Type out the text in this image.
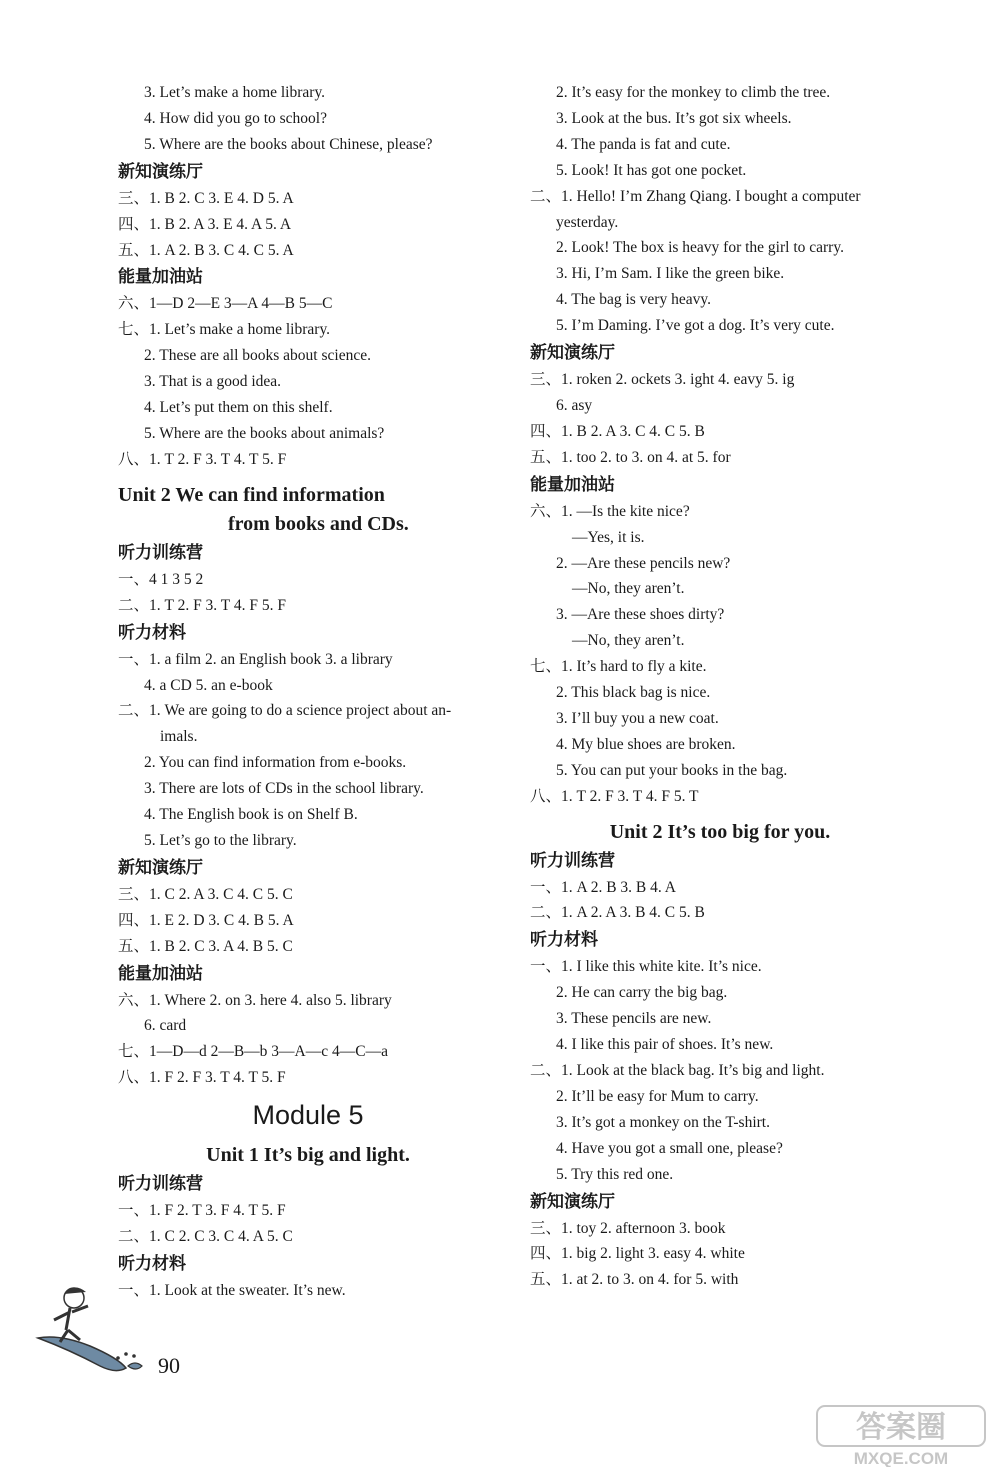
3. Let’s make a home library.
4. How did you go to school?
5. Where are the books about Chinese, please?
新知演练厅
三、1. B 2. C 3. E 4. D 5. A
四、1. B 2. A 3. E 4. A 5. A
五、1. A 2. B 3. C 4. C 5. A
能量加油站
六、1—D 2—E 3—A 4—B 5—C
七、1. Let’s make a home library.
2. These are all books about science.
3. That is a good idea.
4. Let’s put them on this shelf.
5. Where are the books about animals?
八、1. T 2. F 3. T 4. T 5. F
Unit 2 We can find information
from books and CDs.
听力训练营
一、4 1 3 5 2
二、1. T 2. F 3. T 4. F 5. F
听力材料
一、1. a film 2. an English book 3. a library
4. a CD 5. an e-book
二、1. We are going to do a science project about an-
imals.
2. You can find information from e-books.
3. There are lots of CDs in the school library.
4. The English book is on Shelf B.
5. Let’s go to the library.
新知演练厅
三、1. C 2. A 3. C 4. C 5. C
四、1. E 2. D 3. C 4. B 5. A
五、1. B 2. C 3. A 4. B 5. C
能量加油站
六、1. Where 2. on 3. here 4. also 5. library
6. card
七、1—D—d 2—B—b 3—A—c 4—C—a
八、1. F 2. F 3. T 4. T 5. F
Module 5
Unit 1 It’s big and light.
听力训练营
一、1. F 2. T 3. F 4. T 5. F
二、1. C 2. C 3. C 4. A 5. C
听力材料
一、1. Look at the sweater. It’s new.
2. It’s easy for the monkey to climb the tree.
3. Look at the bus. It’s got six wheels.
4. The panda is fat and cute.
5. Look! It has got one pocket.
二、1. Hello! I’m Zhang Qiang. I bought a computer
yesterday.
2. Look! The box is heavy for the girl to carry.
3. Hi, I’m Sam. I like the green bike.
4. The bag is very heavy.
5. I’m Daming. I’ve got a dog. It’s very cute.
新知演练厅
三、1. roken 2. ockets 3. ight 4. eavy 5. ig
6. asy
四、1. B 2. A 3. C 4. C 5. B
五、1. too 2. to 3. on 4. at 5. for
能量加油站
六、1. —Is the kite nice?
—Yes, it is.
2. —Are these pencils new?
—No, they aren’t.
3. —Are these shoes dirty?
—No, they aren’t.
七、1. It’s hard to fly a kite.
2. This black bag is nice.
3. I’ll buy you a new coat.
4. My blue shoes are broken.
5. You can put your books in the bag.
八、1. T 2. F 3. T 4. F 5. T
Unit 2 It’s too big for you.
听力训练营
一、1. A 2. B 3. B 4. A
二、1. A 2. A 3. B 4. C 5. B
听力材料
一、1. I like this white kite. It’s nice.
2. He can carry the big bag.
3. These pencils are new.
4. I like this pair of shoes. It’s new.
二、1. Look at the black bag. It’s big and light.
2. It’ll be easy for Mum to carry.
3. It’s got a monkey on the T-shirt.
4. Have you got a small one, please?
5. Try this red one.
新知演练厅
三、1. toy 2. afternoon 3. book
四、1. big 2. light 3. easy 4. white
五、1. at 2. to 3. on 4. for 5. with
90
答案圈
MXQE.COM
